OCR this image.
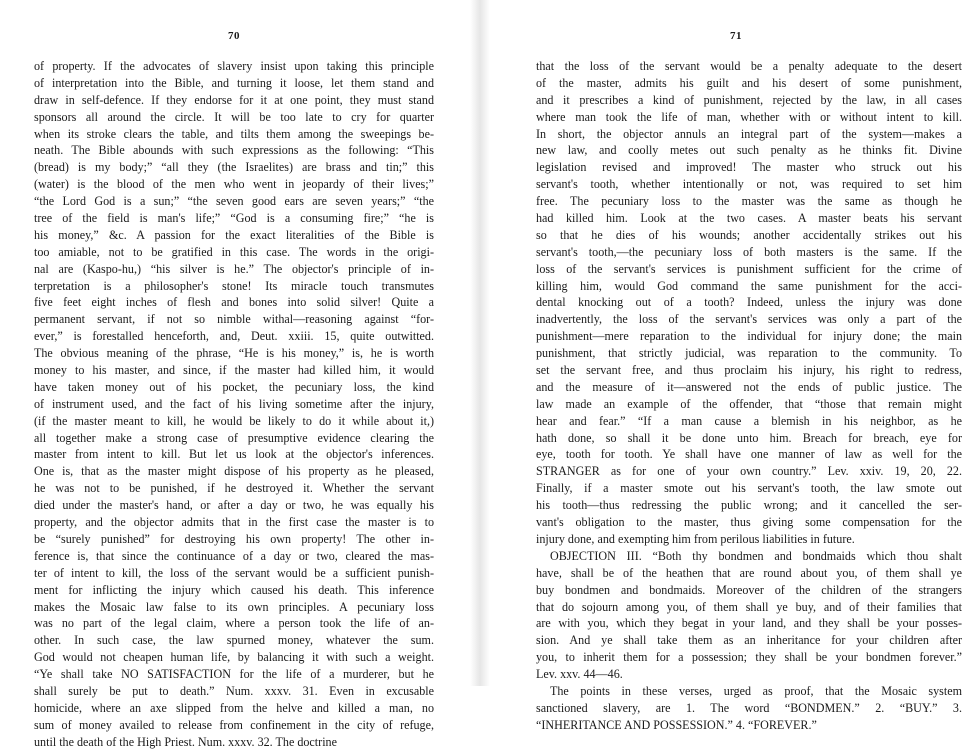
70
of property. If the advocates of slavery insist upon taking this principle
of interpretation into the Bible, and turning it loose, let them stand and
draw in self-defence. If they endorse for it at one point, they must stand
sponsors all around the circle. It will be too late to cry for quarter
when its stroke clears the table, and tilts them among the sweepings be-
neath. The Bible abounds with such expressions as the following: “This
(bread) is my body;” “all they (the Israelites) are brass and tin;” this
(water) is the blood of the men who went in jeopardy of their lives;”
“the Lord God is a sun;” “the seven good ears are seven years;” “the
tree of the field is man's life;” “God is a consuming fire;” “he is
his money,” &c. A passion for the exact literalities of the Bible is
too amiable, not to be gratified in this case. The words in the origi-
nal are (Kaspo-hu,) “his silver is he.” The objector's principle of in-
terpretation is a philosopher's stone! Its miracle touch transmutes
five feet eight inches of flesh and bones into solid silver! Quite a
permanent servant, if not so nimble withal—reasoning against “for-
ever,” is forestalled henceforth, and, Deut. xxiii. 15, quite outwitted.
The obvious meaning of the phrase, “He is his money,” is, he is worth
money to his master, and since, if the master had killed him, it would
have taken money out of his pocket, the pecuniary loss, the kind
of instrument used, and the fact of his living sometime after the injury,
(if the master meant to kill, he would be likely to do it while about it,)
all together make a strong case of presumptive evidence clearing the
master from intent to kill. But let us look at the objector's inferences.
One is, that as the master might dispose of his property as he pleased,
he was not to be punished, if he destroyed it. Whether the servant
died under the master's hand, or after a day or two, he was equally his
property, and the objector admits that in the first case the master is to
be “surely punished” for destroying his own property! The other in-
ference is, that since the continuance of a day or two, cleared the mas-
ter of intent to kill, the loss of the servant would be a sufficient punish-
ment for inflicting the injury which caused his death. This inference
makes the Mosaic law false to its own principles. A pecuniary loss
was no part of the legal claim, where a person took the life of an-
other. In such case, the law spurned money, whatever the sum.
God would not cheapen human life, by balancing it with such a weight.
“Ye shall take NO SATISFACTION for the life of a murderer, but he
shall surely be put to death.” Num. xxxv. 31. Even in excusable
homicide, where an axe slipped from the helve and killed a man, no
sum of money availed to release from confinement in the city of refuge,
until the death of the High Priest. Num. xxxv. 32. The doctrine
71
that the loss of the servant would be a penalty adequate to the desert
of the master, admits his guilt and his desert of some punishment,
and it prescribes a kind of punishment, rejected by the law, in all cases
where man took the life of man, whether with or without intent to kill.
In short, the objector annuls an integral part of the system—makes a
new law, and coolly metes out such penalty as he thinks fit. Divine
legislation revised and improved! The master who struck out his
servant's tooth, whether intentionally or not, was required to set him
free. The pecuniary loss to the master was the same as though he
had killed him. Look at the two cases. A master beats his servant
so that he dies of his wounds; another accidentally strikes out his
servant's tooth,—the pecuniary loss of both masters is the same. If the
loss of the servant's services is punishment sufficient for the crime of
killing him, would God command the same punishment for the acci-
dental knocking out of a tooth? Indeed, unless the injury was done
inadvertently, the loss of the servant's services was only a part of the
punishment—mere reparation to the individual for injury done; the main
punishment, that strictly judicial, was reparation to the community. To
set the servant free, and thus proclaim his injury, his right to redress,
and the measure of it—answered not the ends of public justice. The
law made an example of the offender, that “those that remain might
hear and fear.” “If a man cause a blemish in his neighbor, as he
hath done, so shall it be done unto him. Breach for breach, eye for
eye, tooth for tooth. Ye shall have one manner of law as well for the
STRANGER as for one of your own country.” Lev. xxiv. 19, 20, 22.
Finally, if a master smote out his servant's tooth, the law smote out
his tooth—thus redressing the public wrong; and it cancelled the ser-
vant's obligation to the master, thus giving some compensation for the
injury done, and exempting him from perilous liabilities in future.
OBJECTION III. “Both thy bondmen and bondmaids which thou shalt
have, shall be of the heathen that are round about you, of them shall ye
buy bondmen and bondmaids. Moreover of the children of the strangers
that do sojourn among you, of them shall ye buy, and of their families that
are with you, which they begat in your land, and they shall be your posses-
sion. And ye shall take them as an inheritance for your children after
you, to inherit them for a possession; they shall be your bondmen forever.”
Lev. xxv. 44—46.
The points in these verses, urged as proof, that the Mosaic system
sanctioned slavery, are 1. The word “BONDMEN.” 2. “BUY.” 3.
“INHERITANCE AND POSSESSION.” 4. “FOREVER.”
